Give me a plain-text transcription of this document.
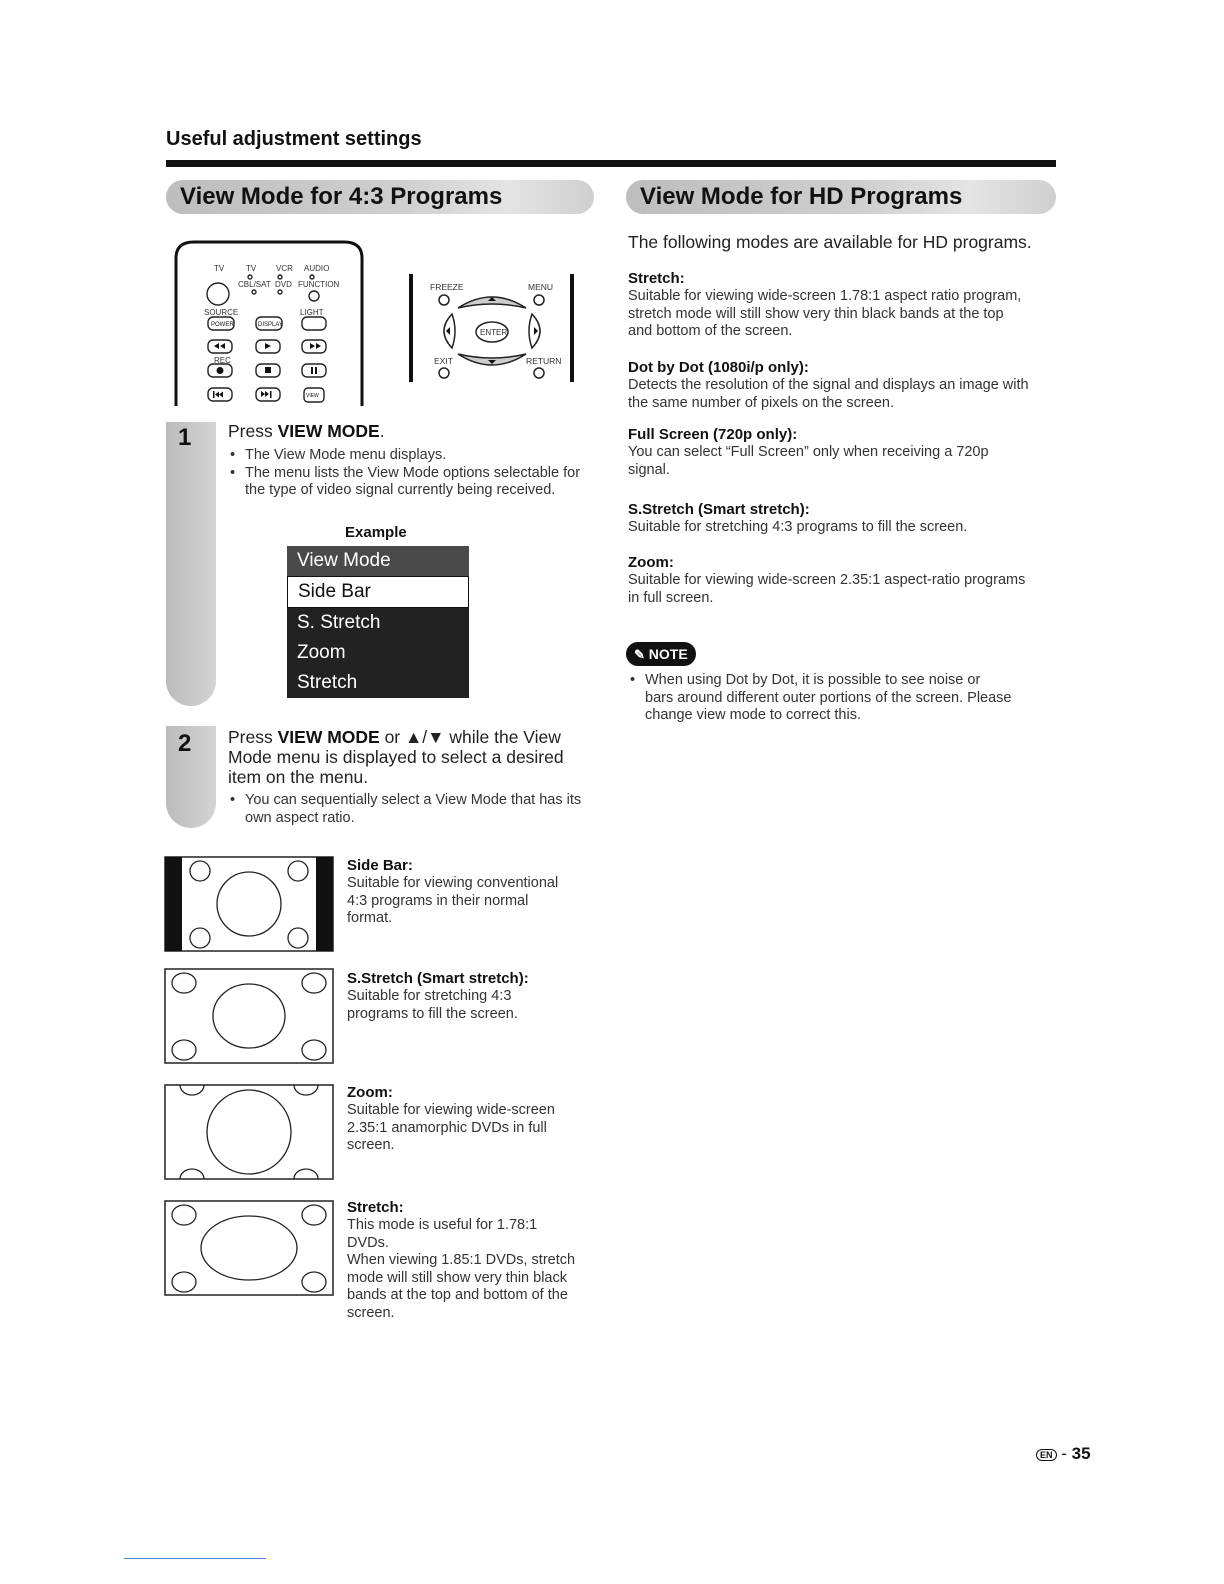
Useful adjustment settings
View Mode for 4:3 Programs	View Mode for HD Programs
TV	TV VCR AUDIO
CBL/SAT DVD FUNCTION
SOURCE	LIGHT
REC
POWER	DISPLAY
VIEW
FREEZE	MENU
EXIT	RETURN
ENTER
1 Press VIEW MODE.
• The View Mode menu displays.
• The menu lists the View Mode options selectable for the type of video signal currently being received.
Example
View Mode
Side Bar
S. Stretch
Zoom
Stretch
2 Press VIEW MODE or ▲/▼ while the View Mode menu is displayed to select a desired item on the menu.
• You can sequentially select a View Mode that has its own aspect ratio.
Side Bar:
Suitable for viewing conventional
4:3 programs in their normal
format.
S.Stretch (Smart stretch):
Suitable for stretching 4:3
programs to fill the screen.
Zoom:
Suitable for viewing wide-screen
2.35:1 anamorphic DVDs in full
screen.
Stretch:
This mode is useful for 1.78:1
DVDs.
When viewing 1.85:1 DVDs, stretch
mode will still show very thin black
bands at the top and bottom of the
screen.
The following modes are available for HD programs.
Stretch:
Suitable for viewing wide-screen 1.78:1 aspect ratio program,
stretch mode will still show very thin black bands at the top
and bottom of the screen.
Dot by Dot (1080i/p only):
Detects the resolution of the signal and displays an image with
the same number of pixels on the screen.
Full Screen (720p only):
You can select “Full Screen” only when receiving a 720p
signal.
S.Stretch (Smart stretch):
Suitable for stretching 4:3 programs to fill the screen.
Zoom:
Suitable for viewing wide-screen 2.35:1 aspect-ratio programs
in full screen.
✎ NOTE
• When using Dot by Dot, it is possible to see noise or
bars around different outer portions of the screen. Please
change view mode to correct this.
EN - 35
